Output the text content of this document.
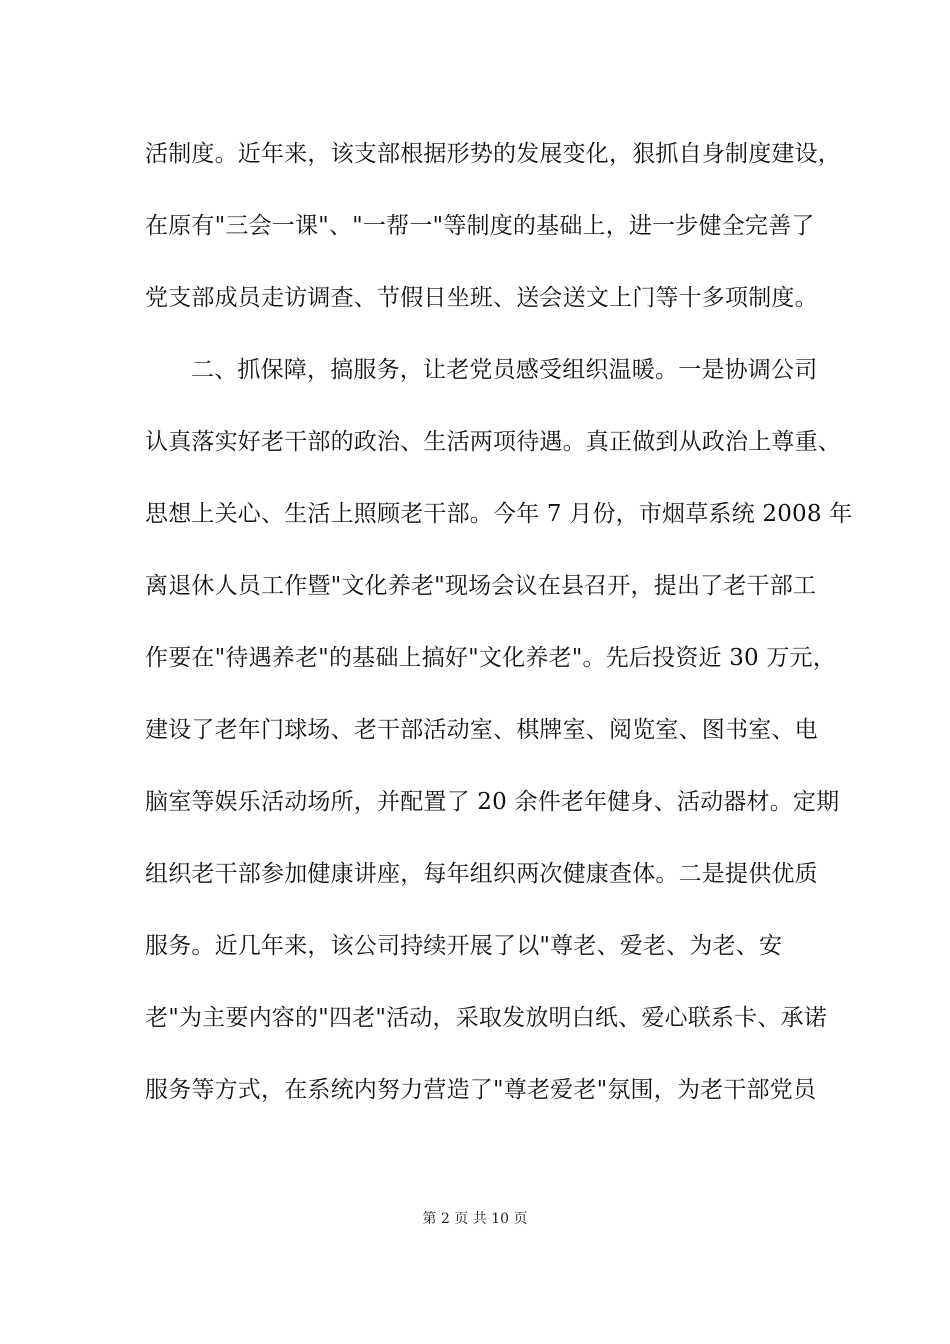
活制度。近年来，该支部根据形势的发展变化，狠抓自身制度建设，
在原有"三会一课"、"一帮一"等制度的基础上，进一步健全完善了
党支部成员走访调查、节假日坐班、送会送文上门等十多项制度。
二、抓保障，搞服务，让老党员感受组织温暖。一是协调公司
认真落实好老干部的政治、生活两项待遇。真正做到从政治上尊重、
思想上关心、生活上照顾老干部。今年 7 月份，市烟草系统 2008 年
离退休人员工作暨"文化养老"现场会议在县召开，提出了老干部工
作要在"待遇养老"的基础上搞好"文化养老"。先后投资近 30 万元，
建设了老年门球场、老干部活动室、棋牌室、阅览室、图书室、电
脑室等娱乐活动场所，并配置了 20 余件老年健身、活动器材。定期
组织老干部参加健康讲座，每年组织两次健康查体。二是提供优质
服务。近几年来，该公司持续开展了以"尊老、爱老、为老、安
老"为主要内容的"四老"活动，采取发放明白纸、爱心联系卡、承诺
服务等方式，在系统内努力营造了"尊老爱老"氛围，为老干部党员
第 2 页 共 10 页
